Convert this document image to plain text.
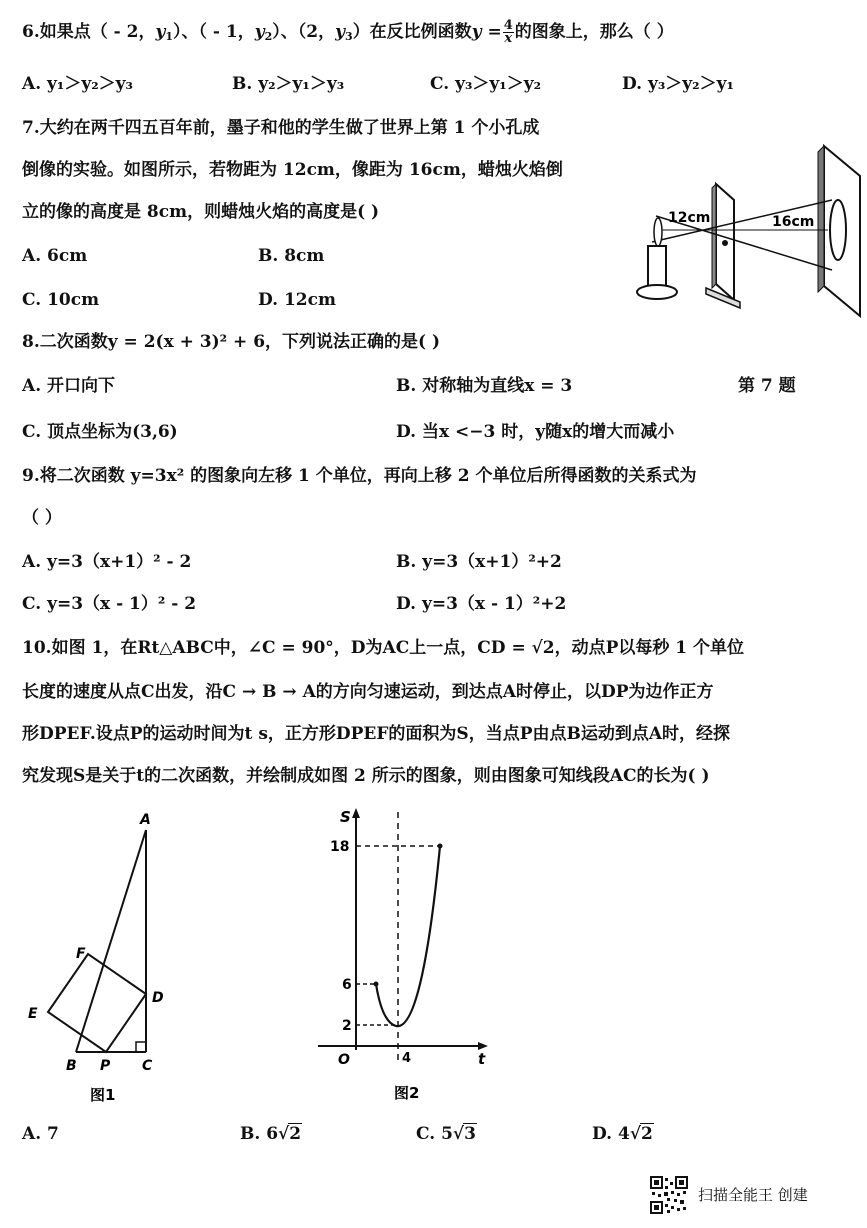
6.如果点（ - 2，$y_1$）、（ - 1，$y_2$）、（2，$y_3$）在反比例函数$y = \frac{4}{x}$ 的图象上，那么（ ）
A. y₁＞y₂＞y₃	B. y₂＞y₁＞y₃	C. y₃＞y₁＞y₂	D. y₃＞y₂＞y₁
7.大约在两千四五百年前，墨子和他的学生做了世界上第 1 个小孔成
倒像的实验。如图所示，若物距为 12cm，像距为 16cm，蜡烛火焰倒
立的像的高度是 8cm，则蜡烛火焰的高度是( )
A. 6cm	B. 8cm
C. 10cm	D. 12cm
12cm	16cm
8.二次函数y = 2(x + 3)² + 6，下列说法正确的是( )
A. 开口向下	B. 对称轴为直线x = 3	第 7 题
C. 顶点坐标为(3,6)	D. 当x <−3 时，y随x的增大而减小
9.将二次函数 y=3x² 的图象向左移 1 个单位，再向上移 2 个单位后所得函数的关系式为
（ ）
A. y=3（x+1）² - 2	B. y=3（x+1）²+2
C. y=3（x - 1）² - 2	D. y=3（x - 1）²+2
10.如图 1，在Rt△ABC中，∠C = 90°，D为AC上一点，CD = √2，动点P以每秒 1 个单位
长度的速度从点C出发，沿C → B → A的方向匀速运动，到达点A时停止，以DP为边作正方
形DPEF.设点P的运动时间为t s，正方形DPEF的面积为S，当点P由点B运动到点A时，经探
究发现S是关于t的二次函数，并绘制成如图 2 所示的图象，则由图象可知线段AC的长为( )
A
F
D
E
B P C
图1
S
t
O
18
6
2
4
图2
A. 7	B. 6√2	C. 5√3	D. 4√2
扫描全能王 创建
